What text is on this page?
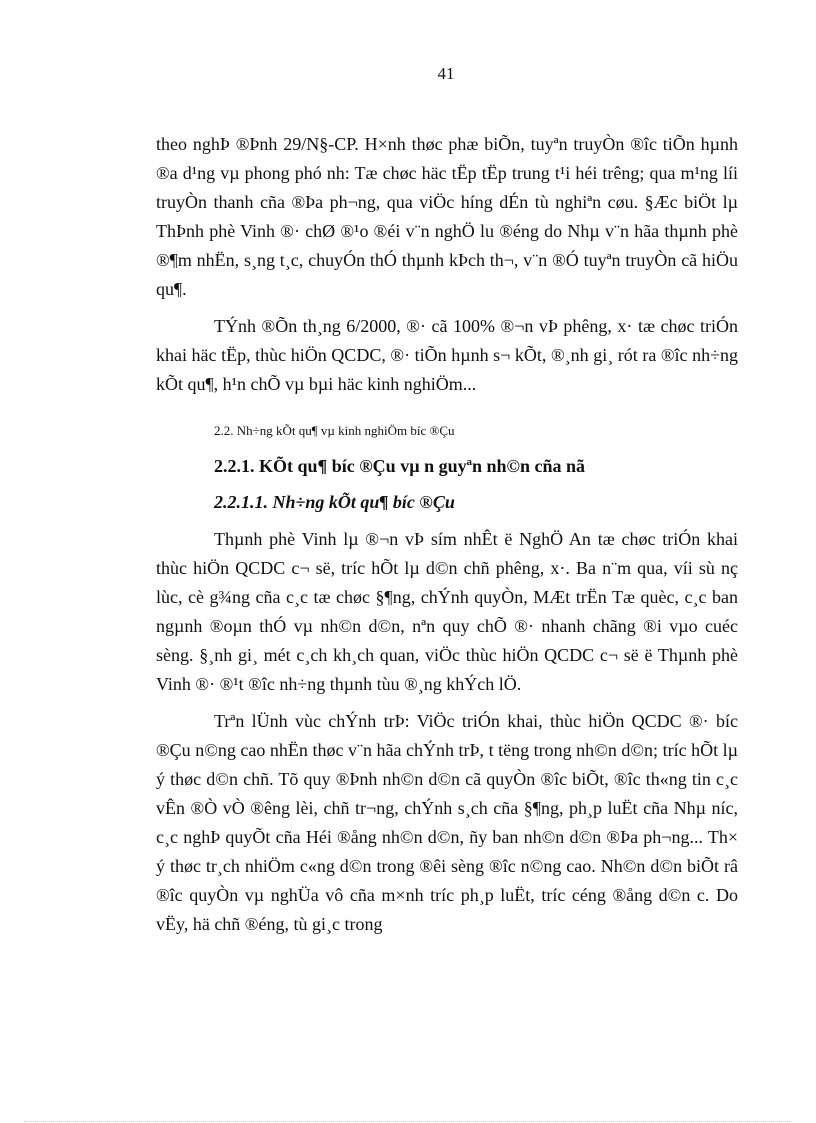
41

theo nghÞ ®Þnh 29/N§-CP. H×nh thøc phæ biÕn, tuyªn truyÒn ®îc tiÕn hµnh ®a d¹ng vµ phong phó nh: Tæ chøc häc tËp tËp trung t¹i héi trêng; qua m¹ng líi truyÒn thanh cña ®Þa ph¬ng, qua viÖc híng dÉn tù nghiªn cøu. §Æc biÖt lµ ThÞnh phè Vinh ®· chØ ®¹o ®éi v¨n nghÖ lu ®éng do Nhµ v¨n hãa thµnh phè ®¶m nhËn, s¸ng t¸c, chuyÓn thÓ thµnh kÞch th¬, v¨n ®Ó tuyªn truyÒn cã hiÖu qu¶.

TÝnh ®Õn th¸ng 6/2000, ®· cã 100% ®¬n vÞ phêng, x· tæ chøc triÓn khai häc tËp, thùc hiÖn QCDC, ®· tiÕn hµnh s¬ kÕt, ®¸nh gi¸ rót ra ®îc nh÷ng kÕt qu¶, h¹n chÕ vµ bµi häc kinh nghiÖm...

2.2. Nh÷ng kÕt qu¶ vµ kinh nghiÖm bíc ®Çu
2.2.1. KÕt qu¶ bíc ®Çu vµ n guyªn nh©n cña nã
2.2.1.1. Nh÷ng kÕt qu¶ bíc ®Çu

Thµnh phè Vinh lµ ®¬n vÞ sím nhÊt ë NghÖ An tæ chøc triÓn khai thùc hiÖn QCDC c¬ së, tríc hÕt lµ d©n chñ phêng, x·. Ba n¨m qua, víi sù nç lùc, cè g¾ng cña c¸c tæ chøc §¶ng, chÝnh quyÒn, MÆt trËn Tæ quèc, c¸c ban ngµnh ®oµn thÓ vµ nh©n d©n, nªn quy chÕ ®· nhanh chãng ®i vµo cuéc sèng. §¸nh gi¸ mét c¸ch kh¸ch quan, viÖc thùc hiÖn QCDC c¬ së ë Thµnh phè Vinh ®· ®¹t ®îc nh÷ng thµnh tùu ®¸ng khÝch lÖ.

Trªn lÜnh vùc chÝnh trÞ: ViÖc triÓn khai, thùc hiÖn QCDC ®· bíc ®Çu n©ng cao nhËn thøc v¨n hãa chÝnh trÞ, t tëng trong nh©n d©n; tríc hÕt lµ ý thøc d©n chñ. Tõ quy ®Þnh nh©n d©n cã quyÒn ®îc biÕt, ®îc th«ng tin c¸c vÊn ®Ò vÒ ®êng lèi, chñ tr¬ng, chÝnh s¸ch cña §¶ng, ph¸p luËt cña Nhµ níc, c¸c nghÞ quyÕt cña Héi ®ång nh©n d©n, ñy ban nh©n d©n ®Þa ph¬ng... Th× ý thøc tr¸ch nhiÖm c«ng d©n trong ®êi sèng ®îc n©ng cao. Nh©n d©n biÕt râ ®îc quyÒn vµ nghÜa vô cña m×nh tríc ph¸p luËt, tríc céng ®ång d©n c. Do vËy, hä chñ ®éng, tù gi¸c trong
